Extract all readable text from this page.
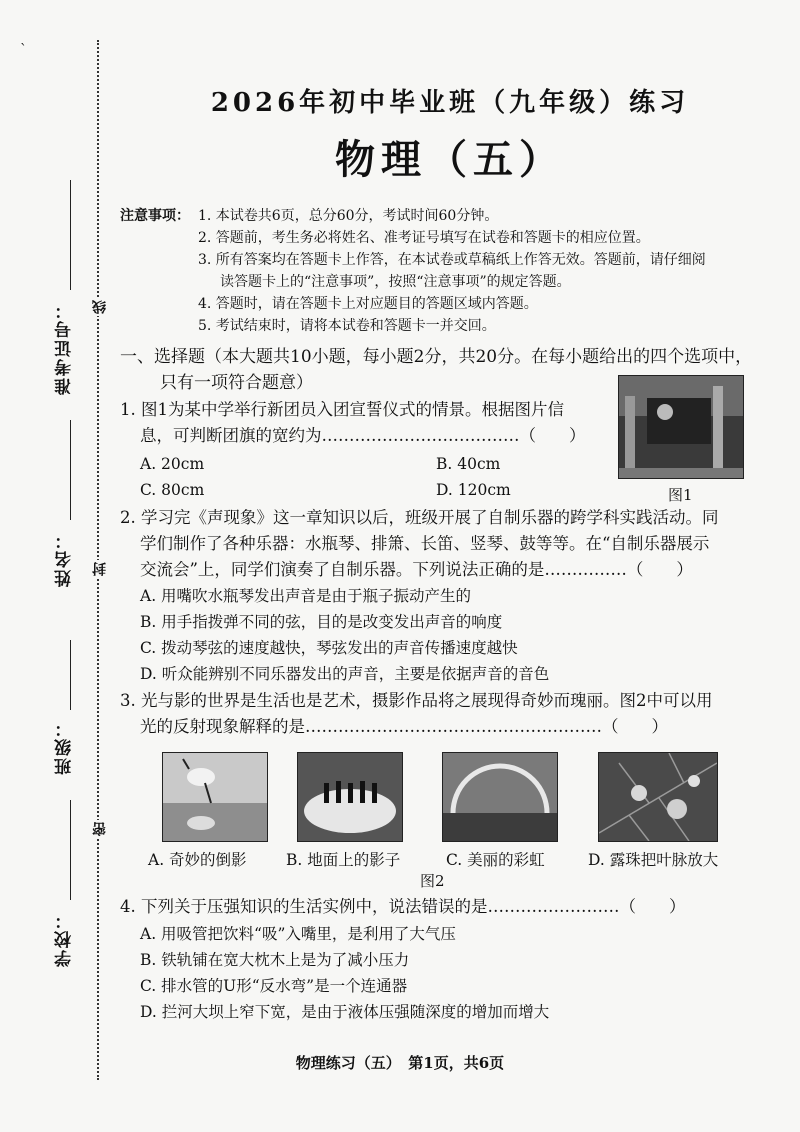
准考证号：
姓名：
班级：
学校：
线
封
密
ˋ
2026年初中毕业班（九年级）练习
物理（五）
注意事项： 1. 本试卷共6页，总分60分，考试时间60分钟。
2. 答题前，考生务必将姓名、准考证号填写在试卷和答题卡的相应位置。
3. 所有答案均在答题卡上作答，在本试卷或草稿纸上作答无效。答题前，请仔细阅
读答题卡上的“注意事项”，按照“注意事项”的规定答题。
4. 答题时，请在答题卡上对应题目的答题区域内答题。
5. 考试结束时，请将本试卷和答题卡一并交回。
一、选择题（本大题共10小题，每小题2分，共20分。在每小题给出的四个选项中，
只有一项符合题意）
1. 图1为某中学举行新团员入团宣誓仪式的情景。根据图片信
息，可判断团旗的宽约为………………………………（　　）
A. 20cm	B. 40cm
C. 80cm	D. 120cm	图1
2. 学习完《声现象》这一章知识以后，班级开展了自制乐器的跨学科实践活动。同
学们制作了各种乐器：水瓶琴、排箫、长笛、竖琴、鼓等等。在“自制乐器展示
交流会”上，同学们演奏了自制乐器。下列说法正确的是……………（　　）
A. 用嘴吹水瓶琴发出声音是由于瓶子振动产生的
B. 用手指拨弹不同的弦，目的是改变发出声音的响度
C. 拨动琴弦的速度越快，琴弦发出的声音传播速度越快
D. 听众能辨别不同乐器发出的声音，主要是依据声音的音色
3. 光与影的世界是生活也是艺术，摄影作品将之展现得奇妙而瑰丽。图2中可以用
光的反射现象解释的是………………………………………………（　　）
A. 奇妙的倒影	B. 地面上的影子	C. 美丽的彩虹	D. 露珠把叶脉放大
图2
4. 下列关于压强知识的生活实例中，说法错误的是……………………（　　）
A. 用吸管把饮料“吸”入嘴里，是利用了大气压
B. 铁轨铺在宽大枕木上是为了减小压力
C. 排水管的U形“反水弯”是一个连通器
D. 拦河大坝上窄下宽，是由于液体压强随深度的增加而增大
物理练习（五）　第1页，共6页
